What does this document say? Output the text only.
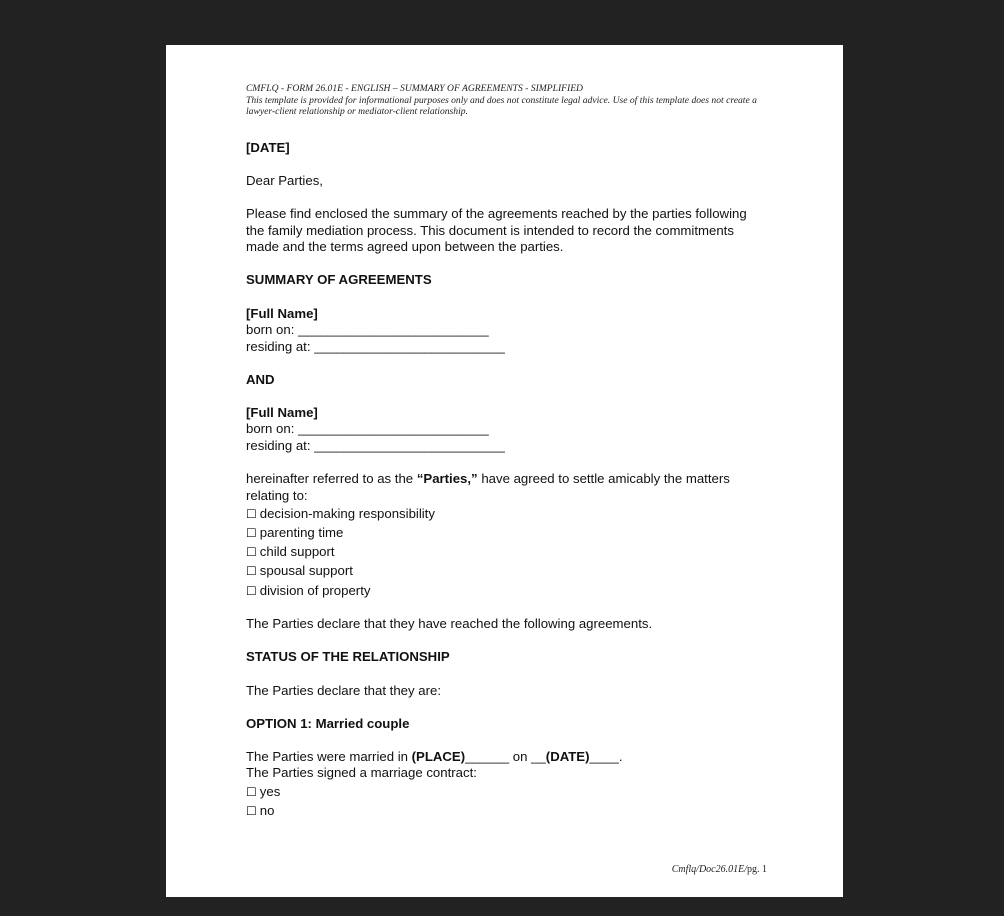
CMFLQ - FORM 26.01E - ENGLISH – SUMMARY OF AGREEMENTS - SIMPLIFIED
This template is provided for informational purposes only and does not constitute legal advice. Use of this template does not create a lawyer-client relationship or mediator-client relationship.
[DATE]
Dear Parties,
Please find enclosed the summary of the agreements reached by the parties following the family mediation process. This document is intended to record the commitments made and the terms agreed upon between the parties.
SUMMARY OF AGREEMENTS
[Full Name]
born on: __________________________
residing at: __________________________
AND
[Full Name]
born on: __________________________
residing at: __________________________
hereinafter referred to as the “Parties,” have agreed to settle amicably the matters relating to:
☐ decision-making responsibility
☐ parenting time
☐ child support
☐ spousal support
☐ division of property
The Parties declare that they have reached the following agreements.
STATUS OF THE RELATIONSHIP
The Parties declare that they are:
OPTION 1: Married couple
The Parties were married in (PLACE)______ on __(DATE)____.
The Parties signed a marriage contract:
☐ yes
☐ no
Cmflq/Doc26.01E/pg. 1
